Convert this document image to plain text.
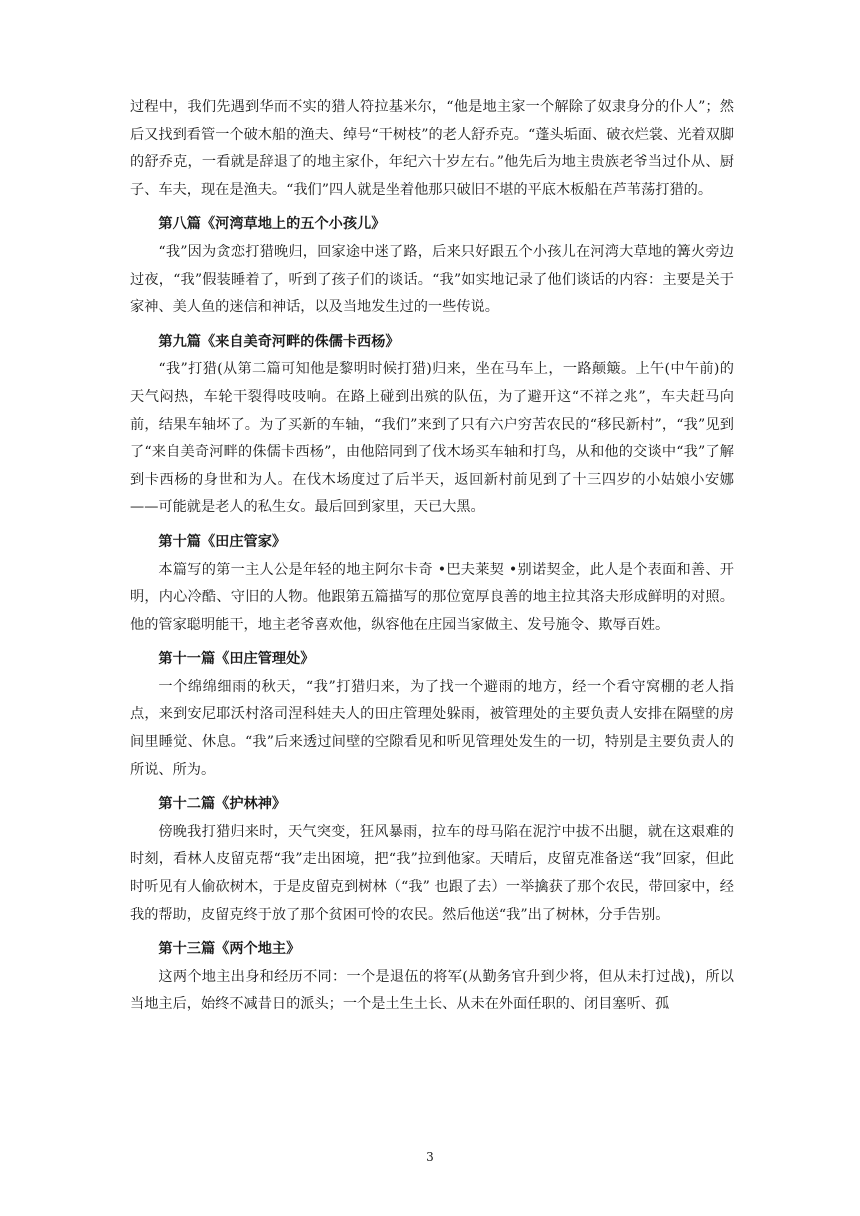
过程中，我们先遇到华而不实的猎人符拉基米尔，“他是地主家一个解除了奴隶身分的仆人”；然后又找到看管一个破木船的渔夫、绰号“干树枝”的老人舒乔克。“蓬头垢面、破衣烂裳、光着双脚的舒乔克，一看就是辞退了的地主家仆，年纪六十岁左右。”他先后为地主贵族老爷当过仆从、厨子、车夫，现在是渔夫。“我们”四人就是坐着他那只破旧不堪的平底木板船在芦苇荡打猎的。

第八篇《河湾草地上的五个小孩儿》

“我”因为贪恋打猎晚归，回家途中迷了路，后来只好跟五个小孩儿在河湾大草地的篝火旁边过夜，“我”假装睡着了，听到了孩子们的谈话。“我”如实地记录了他们谈话的内容：主要是关于家神、美人鱼的迷信和神话，以及当地发生过的一些传说。

第九篇《来自美奇河畔的侏儒卡西杨》

“我”打猎(从第二篇可知他是黎明时候打猎)归来，坐在马车上，一路颠簸。上午(中午前)的天气闷热，车轮干裂得吱吱响。在路上碰到出殡的队伍，为了避开这“不祥之兆”，车夫赶马向前，结果车轴坏了。为了买新的车轴，“我们”来到了只有六户穷苦农民的“移民新村”，“我”见到了“来自美奇河畔的侏儒卡西杨”，由他陪同到了伐木场买车轴和打鸟，从和他的交谈中“我”了解到卡西杨的身世和为人。在伐木场度过了后半天，返回新村前见到了十三四岁的小姑娘小安娜——可能就是老人的私生女。最后回到家里，天已大黑。

第十篇《田庄管家》

本篇写的第一主人公是年轻的地主阿尔卡奇 •巴夫莱契 •别诺契金，此人是个表面和善、开明，内心冷酷、守旧的人物。他跟第五篇描写的那位宽厚良善的地主拉其洛夫形成鲜明的对照。他的管家聪明能干，地主老爷喜欢他，纵容他在庄园当家做主、发号施令、欺辱百姓。

第十一篇《田庄管理处》

一个绵绵细雨的秋天，“我”打猎归来，为了找一个避雨的地方，经一个看守窝棚的老人指点，来到安尼耶沃村洛司涅科娃夫人的田庄管理处躲雨，被管理处的主要负责人安排在隔壁的房间里睡觉、休息。“我”后来透过间壁的空隙看见和听见管理处发生的一切，特别是主要负责人的所说、所为。

第十二篇《护林神》

傍晚我打猎归来时，天气突变，狂风暴雨，拉车的母马陷在泥泞中拔不出腿，就在这艰难的时刻，看林人皮留克帮“我”走出困境，把“我”拉到他家。天晴后，皮留克准备送“我”回家，但此时听见有人偷砍树木，于是皮留克到树林（“我” 也跟了去）一举擒获了那个农民，带回家中，经我的帮助，皮留克终于放了那个贫困可怜的农民。然后他送“我”出了树林，分手告别。

第十三篇《两个地主》

这两个地主出身和经历不同：一个是退伍的将军(从勤务官升到少将，但从未打过战)，所以当地主后，始终不减昔日的派头；一个是土生土长、从未在外面任职的、闭目塞听、孤

3
